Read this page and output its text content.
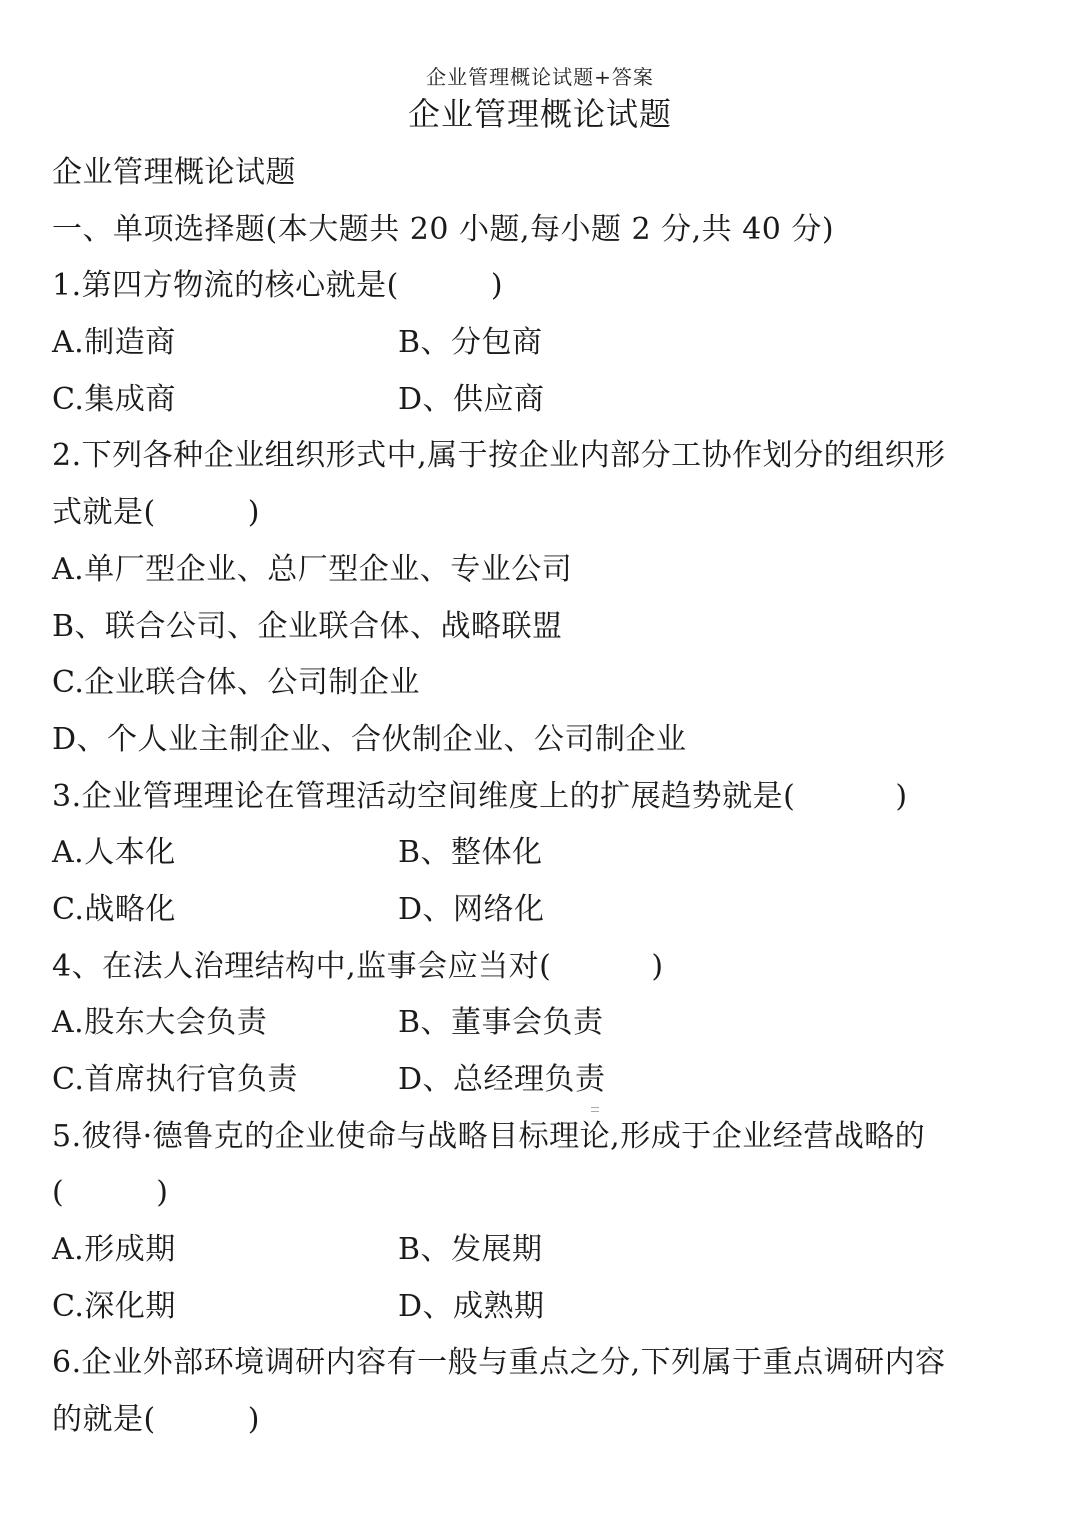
企业管理概论试题+答案
企业管理概论试题
企业管理概论试题
一、单项选择题(本大题共 20 小题,每小题 2 分,共 40 分)
1.第四方物流的核心就是(	)
A.制造商	B、分包商
C.集成商	D、供应商
2.下列各种企业组织形式中,属于按企业内部分工协作划分的组织形
式就是(	)
A.单厂型企业、总厂型企业、专业公司
B、联合公司、企业联合体、战略联盟
C.企业联合体、公司制企业
D、个人业主制企业、合伙制企业、公司制企业
3.企业管理理论在管理活动空间维度上的扩展趋势就是(	)
A.人本化	B、整体化
C.战略化	D、网络化
4、在法人治理结构中,监事会应当对(	)
A.股东大会负责	B、董事会负责
C.首席执行官负责	D、总经理负责
5.彼得·德鲁克的企业使命与战略目标理论,形成于企业经营战略的
(	)
A.形成期	B、发展期
C.深化期	D、成熟期
6.企业外部环境调研内容有一般与重点之分,下列属于重点调研内容
的就是(	)
